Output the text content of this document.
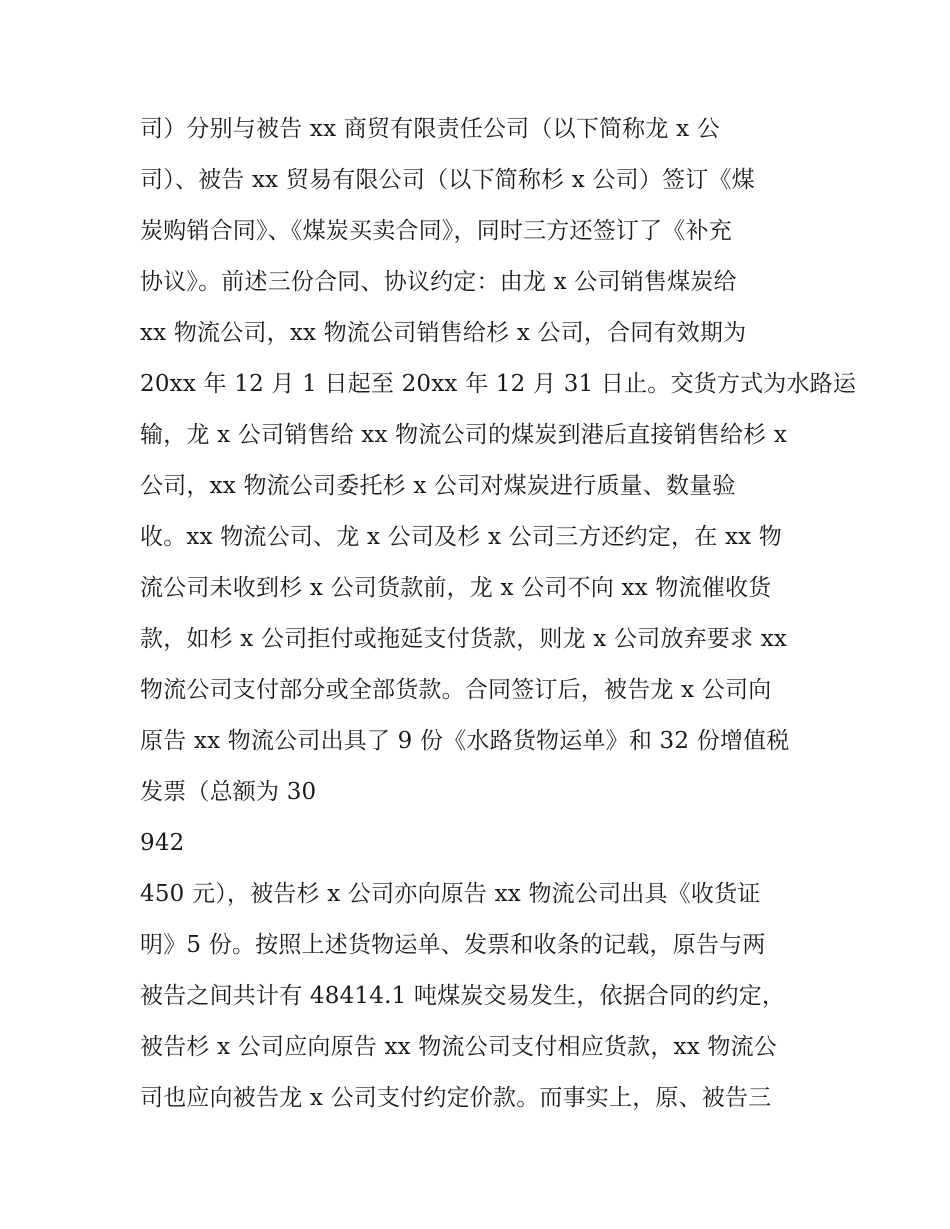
司）分别与被告 xx 商贸有限责任公司（以下简称龙 x 公
司）、被告 xx 贸易有限公司（以下简称杉 x 公司）签订《煤
炭购销合同》、《煤炭买卖合同》，同时三方还签订了《补充
协议》。前述三份合同、协议约定：由龙 x 公司销售煤炭给
xx 物流公司，xx 物流公司销售给杉 x 公司，合同有效期为
20xx 年 12 月 1 日起至 20xx 年 12 月 31 日止。交货方式为水路运
输，龙 x 公司销售给 xx 物流公司的煤炭到港后直接销售给杉 x
公司，xx 物流公司委托杉 x 公司对煤炭进行质量、数量验
收。xx 物流公司、龙 x 公司及杉 x 公司三方还约定，在 xx 物
流公司未收到杉 x 公司货款前，龙 x 公司不向 xx 物流催收货
款，如杉 x 公司拒付或拖延支付货款，则龙 x 公司放弃要求 xx
物流公司支付部分或全部货款。合同签订后，被告龙 x 公司向
原告 xx 物流公司出具了 9 份《水路货物运单》和 32 份增值税
发票（总额为 30
942
450 元），被告杉 x 公司亦向原告 xx 物流公司出具《收货证
明》5 份。按照上述货物运单、发票和收条的记载，原告与两
被告之间共计有 48414.1 吨煤炭交易发生，依据合同的约定，
被告杉 x 公司应向原告 xx 物流公司支付相应货款，xx 物流公
司也应向被告龙 x 公司支付约定价款。而事实上，原、被告三
